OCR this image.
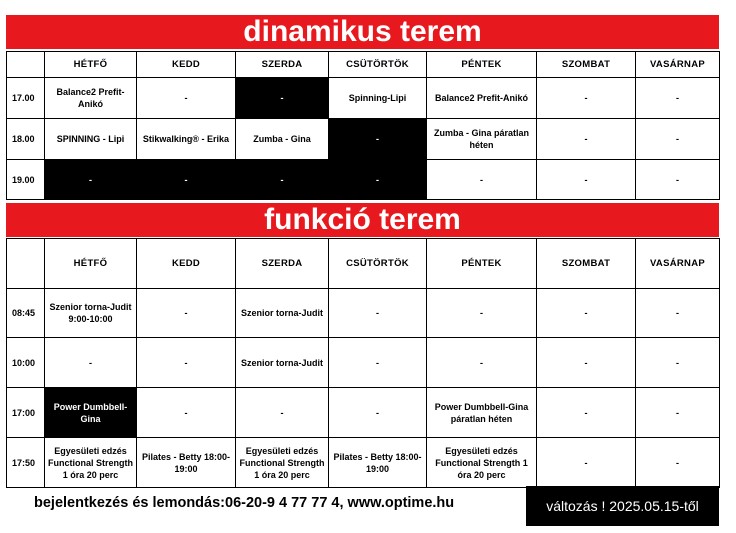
dinamikus terem
	HÉTFŐ	KEDD	SZERDA	CSÜTÖRTÖK	PÉNTEK	SZOMBAT	VASÁRNAP
17.00	Balance2 Prefit-Anikó	-	-	Spinning-Lipi	Balance2 Prefit-Anikó	-	-
18.00	SPINNING - Lipi	Stikwalking® - Erika	Zumba - Gina	-	Zumba - Gina páratlan héten	-	-
19.00	-	-	-	-	-	-	-
funkció terem
	HÉTFŐ	KEDD	SZERDA	CSÜTÖRTÖK	PÉNTEK	SZOMBAT	VASÁRNAP
08:45	Szenior torna-Judit 9:00-10:00	-	Szenior torna-Judit	-	-	-	-
10:00	-	-	Szenior torna-Judit	-	-	-	-
17:00	Power Dumbbell-Gina	-	-	-	Power Dumbbell-Gina páratlan héten	-	-
17:50	Egyesületi edzés Functional Strength 1 óra 20 perc	Pilates - Betty 18:00-19:00	Egyesületi edzés Functional Strength 1 óra 20 perc	Pilates - Betty 18:00-19:00	Egyesületi edzés Functional Strength 1 óra 20 perc	-	-
bejelentkezés és lemondás:06-20-9 4 77 77 4, www.optime.hu	változás ! 2025.05.15-től
